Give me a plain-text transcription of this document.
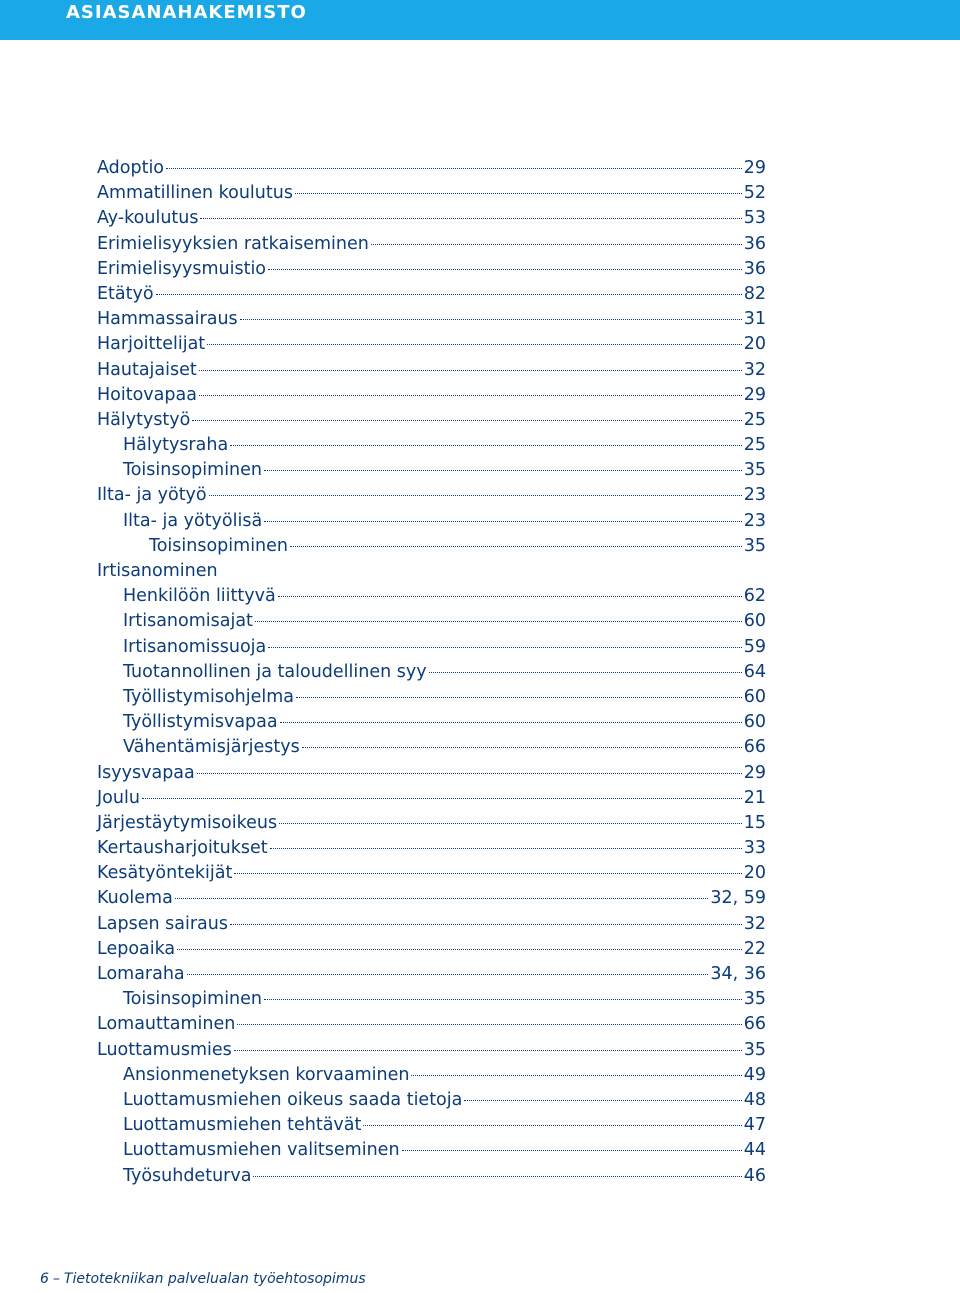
ASIASANAHAKEMISTO
Adoptio	29
Ammatillinen koulutus	52
Ay-koulutus	53
Erimielisyyksien ratkaiseminen	36
Erimielisyysmuistio	36
Etätyö	82
Hammassairaus	31
Harjoittelijat	20
Hautajaiset	32
Hoitovapaa	29
Hälytystyö	25
Hälytysraha	25
Toisinsopiminen	35
Ilta- ja yötyö	23
Ilta- ja yötyölisä	23
Toisinsopiminen	35
Irtisanominen
Henkilöön liittyvä	62
Irtisanomisajat	60
Irtisanomissuoja	59
Tuotannollinen ja taloudellinen syy	64
Työllistymisohjelma	60
Työllistymisvapaa	60
Vähentämisjärjestys	66
Isyysvapaa	29
Joulu	21
Järjestäytymisoikeus	15
Kertausharjoitukset	33
Kesätyöntekijät	20
Kuolema	32, 59
Lapsen sairaus	32
Lepoaika	22
Lomaraha	34, 36
Toisinsopiminen	35
Lomauttaminen	66
Luottamusmies	35
Ansionmenetyksen korvaaminen	49
Luottamusmiehen oikeus saada tietoja	48
Luottamusmiehen tehtävät	47
Luottamusmiehen valitseminen	44
Työsuhdeturva	46
6 – Tietotekniikan palvelualan työehtosopimus
